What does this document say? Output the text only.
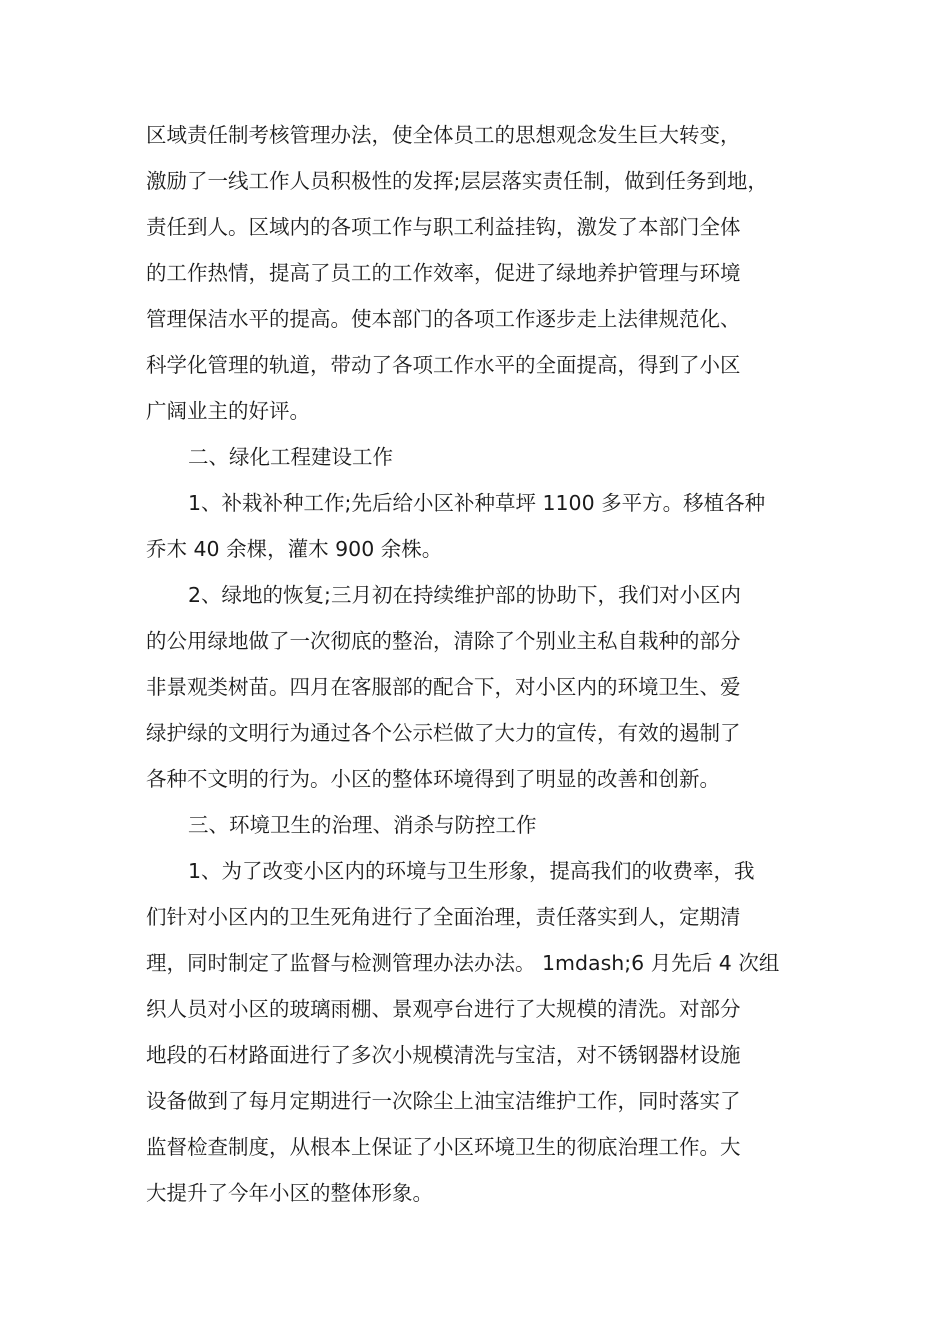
区域责任制考核管理办法，使全体员工的思想观念发生巨大转变，
激励了一线工作人员积极性的发挥;层层落实责任制，做到任务到地，
责任到人。区域内的各项工作与职工利益挂钩，激发了本部门全体
的工作热情，提高了员工的工作效率，促进了绿地养护管理与环境
管理保洁水平的提高。使本部门的各项工作逐步走上法律规范化、
科学化管理的轨道，带动了各项工作水平的全面提高，得到了小区
广阔业主的好评。
二、绿化工程建设工作
1、补栽补种工作;先后给小区补种草坪 1100 多平方。移植各种
乔木 40 余棵，灌木 900 余株。
2、绿地的恢复;三月初在持续维护部的协助下，我们对小区内
的公用绿地做了一次彻底的整治，清除了个别业主私自栽种的部分
非景观类树苗。四月在客服部的配合下，对小区内的环境卫生、爱
绿护绿的文明行为通过各个公示栏做了大力的宣传，有效的遏制了
各种不文明的行为。小区的整体环境得到了明显的改善和创新。
三、环境卫生的治理、消杀与防控工作
1、为了改变小区内的环境与卫生形象，提高我们的收费率，我
们针对小区内的卫生死角进行了全面治理，责任落实到人，定期清
理，同时制定了监督与检测管理办法办法。 1mdash;6 月先后 4 次组
织人员对小区的玻璃雨棚、景观亭台进行了大规模的清洗。对部分
地段的石材路面进行了多次小规模清洗与宝洁，对不锈钢器材设施
设备做到了每月定期进行一次除尘上油宝洁维护工作，同时落实了
监督检查制度，从根本上保证了小区环境卫生的彻底治理工作。大
大提升了今年小区的整体形象。
